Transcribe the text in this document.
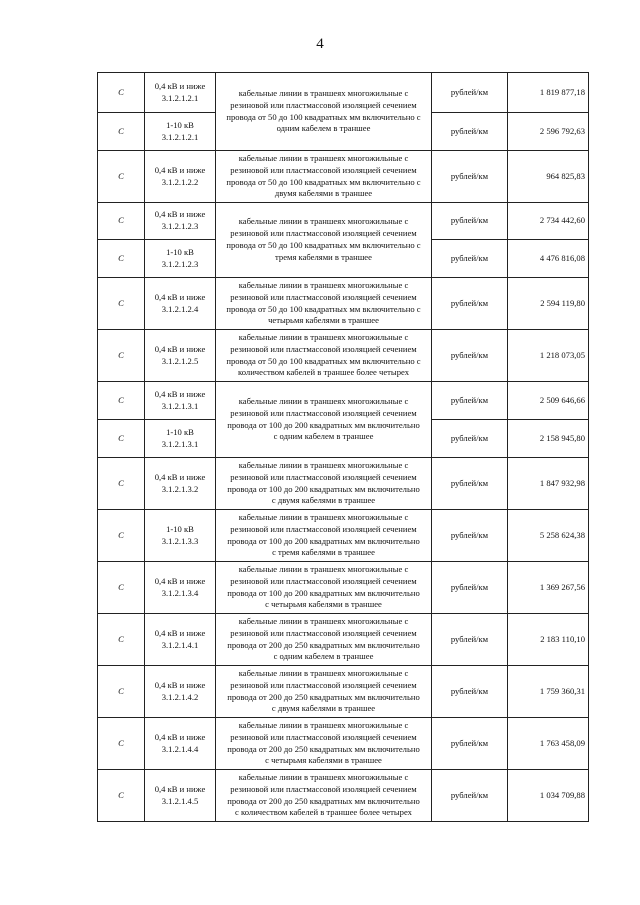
4
C	0,4 кВ и ниже
3.1.2.1.2.1	кабельные линии в траншеях многожильные с
резиновой или пластмассовой изоляцией сечением
провода от 50 до 100 квадратных мм включительно с
одним кабелем в траншее	рублей/км	1 819 877,18
C	1-10 кВ
3.1.2.1.2.1		рублей/км	2 596 792,63
C	0,4 кВ и ниже
3.1.2.1.2.2	кабельные линии в траншеях многожильные с
резиновой или пластмассовой изоляцией сечением
провода от 50 до 100 квадратных мм включительно с
двумя кабелями в траншее	рублей/км	964 825,83
C	0,4 кВ и ниже
3.1.2.1.2.3	кабельные линии в траншеях многожильные с
резиновой или пластмассовой изоляцией сечением
провода от 50 до 100 квадратных мм включительно с
тремя кабелями в траншее	рублей/км	2 734 442,60
C	1-10 кВ
3.1.2.1.2.3		рублей/км	4 476 816,08
C	0,4 кВ и ниже
3.1.2.1.2.4	кабельные линии в траншеях многожильные с
резиновой или пластмассовой изоляцией сечением
провода от 50 до 100 квадратных мм включительно с
четырьмя кабелями в траншее	рублей/км	2 594 119,80
C	0,4 кВ и ниже
3.1.2.1.2.5	кабельные линии в траншеях многожильные с
резиновой или пластмассовой изоляцией сечением
провода от 50 до 100 квадратных мм включительно с
количеством кабелей в траншее более четырех	рублей/км	1 218 073,05
C	0,4 кВ и ниже
3.1.2.1.3.1	кабельные линии в траншеях многожильные с
резиновой или пластмассовой изоляцией сечением
провода от 100 до 200 квадратных мм включительно
с одним кабелем в траншее	рублей/км	2 509 646,66
C	1-10 кВ
3.1.2.1.3.1		рублей/км	2 158 945,80
C	0,4 кВ и ниже
3.1.2.1.3.2	кабельные линии в траншеях многожильные с
резиновой или пластмассовой изоляцией сечением
провода от 100 до 200 квадратных мм включительно
с двумя кабелями в траншее	рублей/км	1 847 932,98
C	1-10 кВ
3.1.2.1.3.3	кабельные линии в траншеях многожильные с
резиновой или пластмассовой изоляцией сечением
провода от 100 до 200 квадратных мм включительно
с тремя кабелями в траншее	рублей/км	5 258 624,38
C	0,4 кВ и ниже
3.1.2.1.3.4	кабельные линии в траншеях многожильные с
резиновой или пластмассовой изоляцией сечением
провода от 100 до 200 квадратных мм включительно
с четырьмя кабелями в траншее	рублей/км	1 369 267,56
C	0,4 кВ и ниже
3.1.2.1.4.1	кабельные линии в траншеях многожильные с
резиновой или пластмассовой изоляцией сечением
провода от 200 до 250 квадратных мм включительно
с одним кабелем в траншее	рублей/км	2 183 110,10
C	0,4 кВ и ниже
3.1.2.1.4.2	кабельные линии в траншеях многожильные с
резиновой или пластмассовой изоляцией сечением
провода от 200 до 250 квадратных мм включительно
с двумя кабелями в траншее	рублей/км	1 759 360,31
C	0,4 кВ и ниже
3.1.2.1.4.4	кабельные линии в траншеях многожильные с
резиновой или пластмассовой изоляцией сечением
провода от 200 до 250 квадратных мм включительно
с четырьмя кабелями в траншее	рублей/км	1 763 458,09
C	0,4 кВ и ниже
3.1.2.1.4.5	кабельные линии в траншеях многожильные с
резиновой или пластмассовой изоляцией сечением
провода от 200 до 250 квадратных мм включительно
с количеством кабелей в траншее более четырех	рублей/км	1 034 709,88
